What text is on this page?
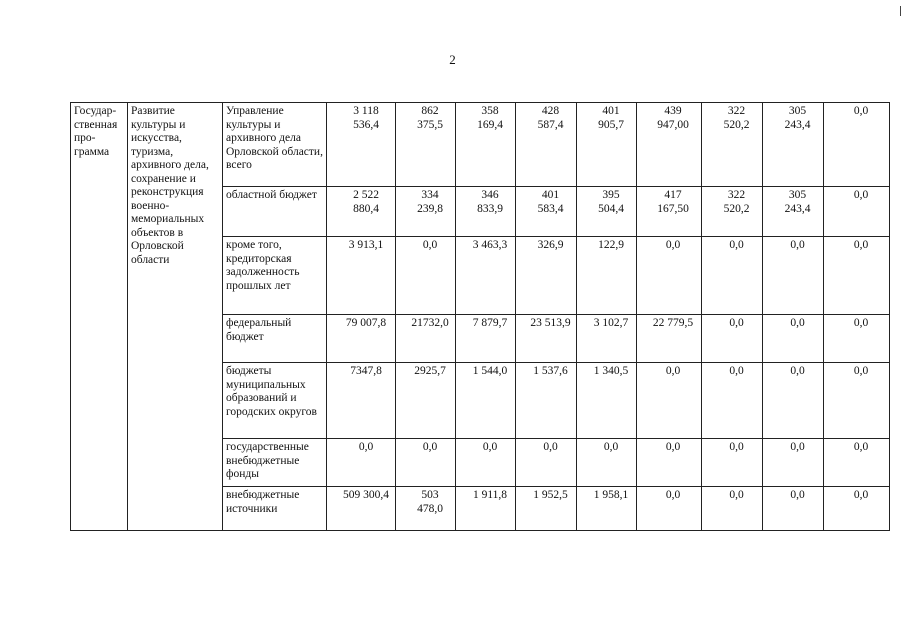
2
Государ-ственная про-грамма	Развитие культуры и искусства, туризма, архивного дела, сохранение и реконструкция военно-мемориальных объектов в Орловской области	Управление культуры и архивного дела Орловской области, всего	3 118 536,4	862 375,5	358 169,4	428 587,4	401 905,7	439 947,00	322 520,2	305 243,4	0,0
		областной бюджет	2 522 880,4	334 239,8	346 833,9	401 583,4	395 504,4	417 167,50	322 520,2	305 243,4	0,0
		кроме того, кредиторская задолженность прошлых лет	3 913,1	0,0	3 463,3	326,9	122,9	0,0	0,0	0,0	0,0
		федеральный бюджет	79 007,8	21732,0	7 879,7	23 513,9	3 102,7	22 779,5	0,0	0,0	0,0
		бюджеты муниципальных образований и городских округов	7347,8	2925,7	1 544,0	1 537,6	1 340,5	0,0	0,0	0,0	0,0
		государственные внебюджетные фонды	0,0	0,0	0,0	0,0	0,0	0,0	0,0	0,0	0,0
		внебюджетные источники	509 300,4	503 478,0	1 911,8	1 952,5	1 958,1	0,0	0,0	0,0	0,0
